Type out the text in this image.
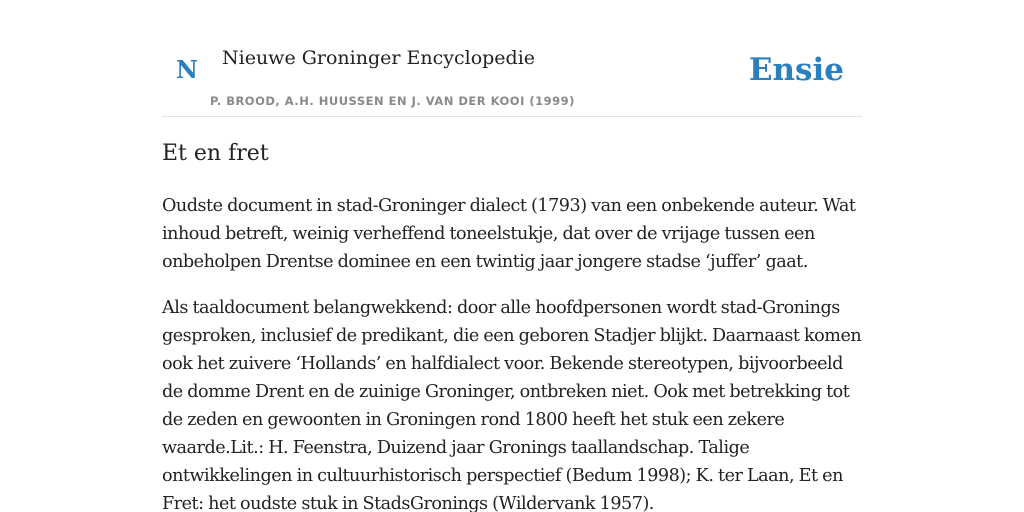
N Nieuwe Groninger Encyclopedie
P. BROOD, A.H. HUUSSEN EN J. VAN DER KOOI (1999)
Ensie
Et en fret

Oudste document in stad-Groninger dialect (1793) van een onbekende auteur. Wat inhoud betreft, weinig verheffend toneelstukje, dat over de vrijage tussen een onbeholpen Drentse dominee en een twintig jaar jongere stadse ‘juffer’ gaat.

Als taaldocument belangwekkend: door alle hoofdpersonen wordt stad-Gronings gesproken, inclusief de predikant, die een geboren Stadjer blijkt. Daarnaast komen ook het zuivere ‘Hollands’ en halfdialect voor. Bekende stereotypen, bijvoorbeeld de domme Drent en de zuinige Groninger, ontbreken niet. Ook met betrekking tot de zeden en gewoonten in Groningen rond 1800 heeft het stuk een zekere waarde.Lit.: H. Feenstra, Duizend jaar Gronings taallandschap. Talige ontwikkelingen in cultuurhistorisch perspectief (Bedum 1998); K. ter Laan, Et en Fret: het oudste stuk in StadsGronings (Wildervank 1957).
